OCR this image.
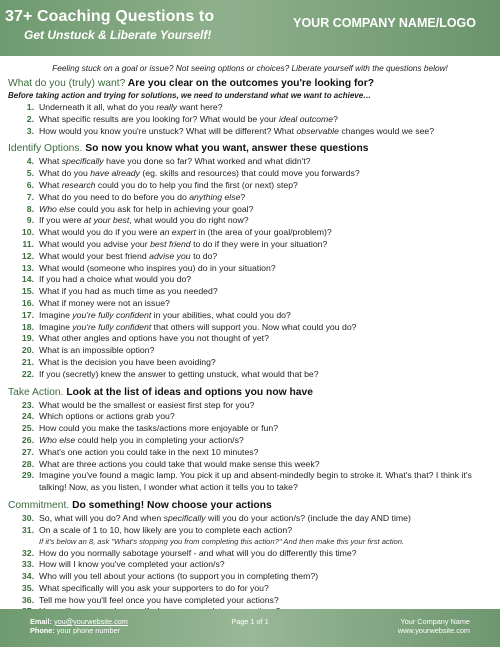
37+ Coaching Questions to
Get Unstuck & Liberate Yourself!
YOUR COMPANY NAME/LOGO
Feeling stuck on a goal or issue? Not seeing options or choices? Liberate yourself with the questions below!
What do you (truly) want? Are you clear on the outcomes you're looking for?
Before taking action and trying for solutions, we need to understand what we want to achieve…
1. Underneath it all, what do you really want here?
2. What specific results are you looking for? What would be your ideal outcome?
3. How would you know you're unstuck? What will be different? What observable changes would we see?
Identify Options. So now you know what you want, answer these questions
4. What specifically have you done so far? What worked and what didn't?
5. What do you have already (eg. skills and resources) that could move you forwards?
6. What research could you do to help you find the first (or next) step?
7. What do you need to do before you do anything else?
8. Who else could you ask for help in achieving your goal?
9. If you were at your best, what would you do right now?
10. What would you do if you were an expert in (the area of your goal/problem)?
11. What would you advise your best friend to do if they were in your situation?
12. What would your best friend advise you to do?
13. What would (someone who inspires you) do in your situation?
14. If you had a choice what would you do?
15. What if you had as much time as you needed?
16. What if money were not an issue?
17. Imagine you're fully confident in your abilities, what could you do?
18. Imagine you're fully confident that others will support you. Now what could you do?
19. What other angles and options have you not thought of yet?
20. What is an impossible option?
21. What is the decision you have been avoiding?
22. If you (secretly) knew the answer to getting unstuck, what would that be?
Take Action. Look at the list of ideas and options you now have
23. What would be the smallest or easiest first step for you?
24. Which options or actions grab you?
25. How could you make the tasks/actions more enjoyable or fun?
26. Who else could help you in completing your action/s?
27. What's one action you could take in the next 10 minutes?
28. What are three actions you could take that would make sense this week?
29. Imagine you've found a magic lamp. You pick it up and absent-mindedly begin to stroke it. What's that? I think it's talking! Now, as you listen, I wonder what action it tells you to take?
Commitment. Do something! Now choose your actions
30. So, what will you do? And when specifically will you do your action/s? (include the day AND time)
31. On a scale of 1 to 10, how likely are you to complete each action?
If it's below an 8, ask "What's stopping you from completing this action?" And then make this your first action.
32. How do you normally sabotage yourself - and what will you do differently this time?
33. How will I know you've completed your action/s?
34. Who will you tell about your actions (to support you in completing them?)
35. What specifically will you ask your supporters to do for you?
36. Tell me how you'll feel once you have completed your actions?
Email: you@yourwebsite.com
Phone: your phone number
Page 1 of 1	Your Company Name
www.yourwebsite.com
